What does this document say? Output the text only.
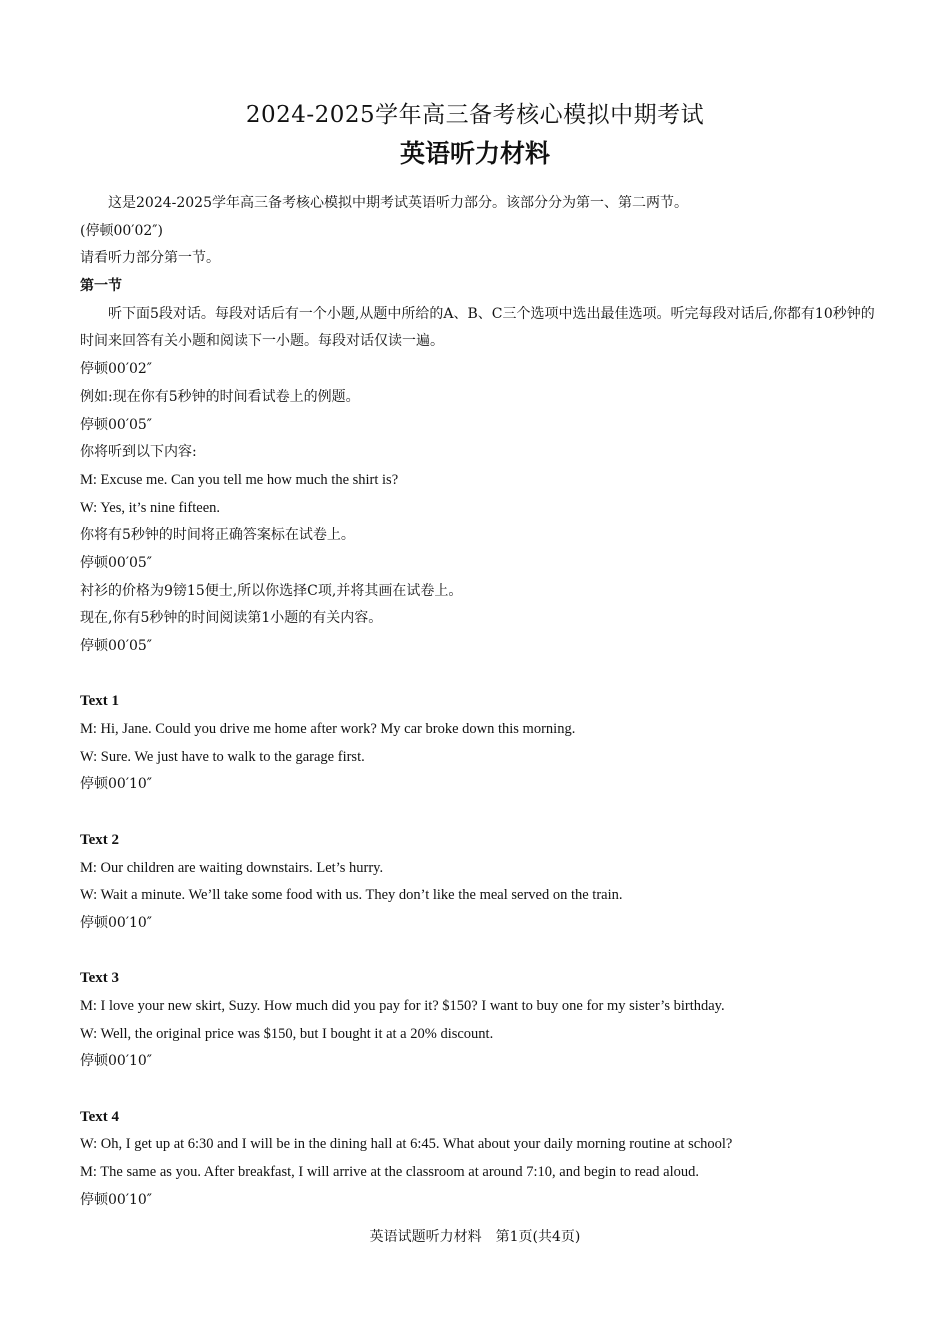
2024-2025学年高三备考核心模拟中期考试
英语听力材料
这是2024-2025学年高三备考核心模拟中期考试英语听力部分。该部分分为第一、第二两节。
(停顿00′02″)
请看听力部分第一节。
第一节
听下面5段对话。每段对话后有一个小题,从题中所给的A、B、C三个选项中选出最佳选项。听完每段对话后,你都有10秒钟的时间来回答有关小题和阅读下一小题。每段对话仅读一遍。
停顿00′02″
例如:现在你有5秒钟的时间看试卷上的例题。
停顿00′05″
你将听到以下内容:
M: Excuse me. Can you tell me how much the shirt is?
W: Yes, it’s nine fifteen.
你将有5秒钟的时间将正确答案标在试卷上。
停顿00′05″
衬衫的价格为9镑15便士,所以你选择C项,并将其画在试卷上。
现在,你有5秒钟的时间阅读第1小题的有关内容。
停顿00′05″
Text 1
M: Hi, Jane. Could you drive me home after work? My car broke down this morning.
W: Sure. We just have to walk to the garage first.
停顿00′10″
Text 2
M: Our children are waiting downstairs. Let’s hurry.
W: Wait a minute. We’ll take some food with us. They don’t like the meal served on the train.
停顿00′10″
Text 3
M: I love your new skirt, Suzy. How much did you pay for it? $150? I want to buy one for my sister’s birthday.
W: Well, the original price was $150, but I bought it at a 20% discount.
停顿00′10″
Text 4
W: Oh, I get up at 6:30 and I will be in the dining hall at 6:45. What about your daily morning routine at school?
M: The same as you. After breakfast, I will arrive at the classroom at around 7:10, and begin to read aloud.
停顿00′10″
英语试题听力材料　第1页(共4页)
